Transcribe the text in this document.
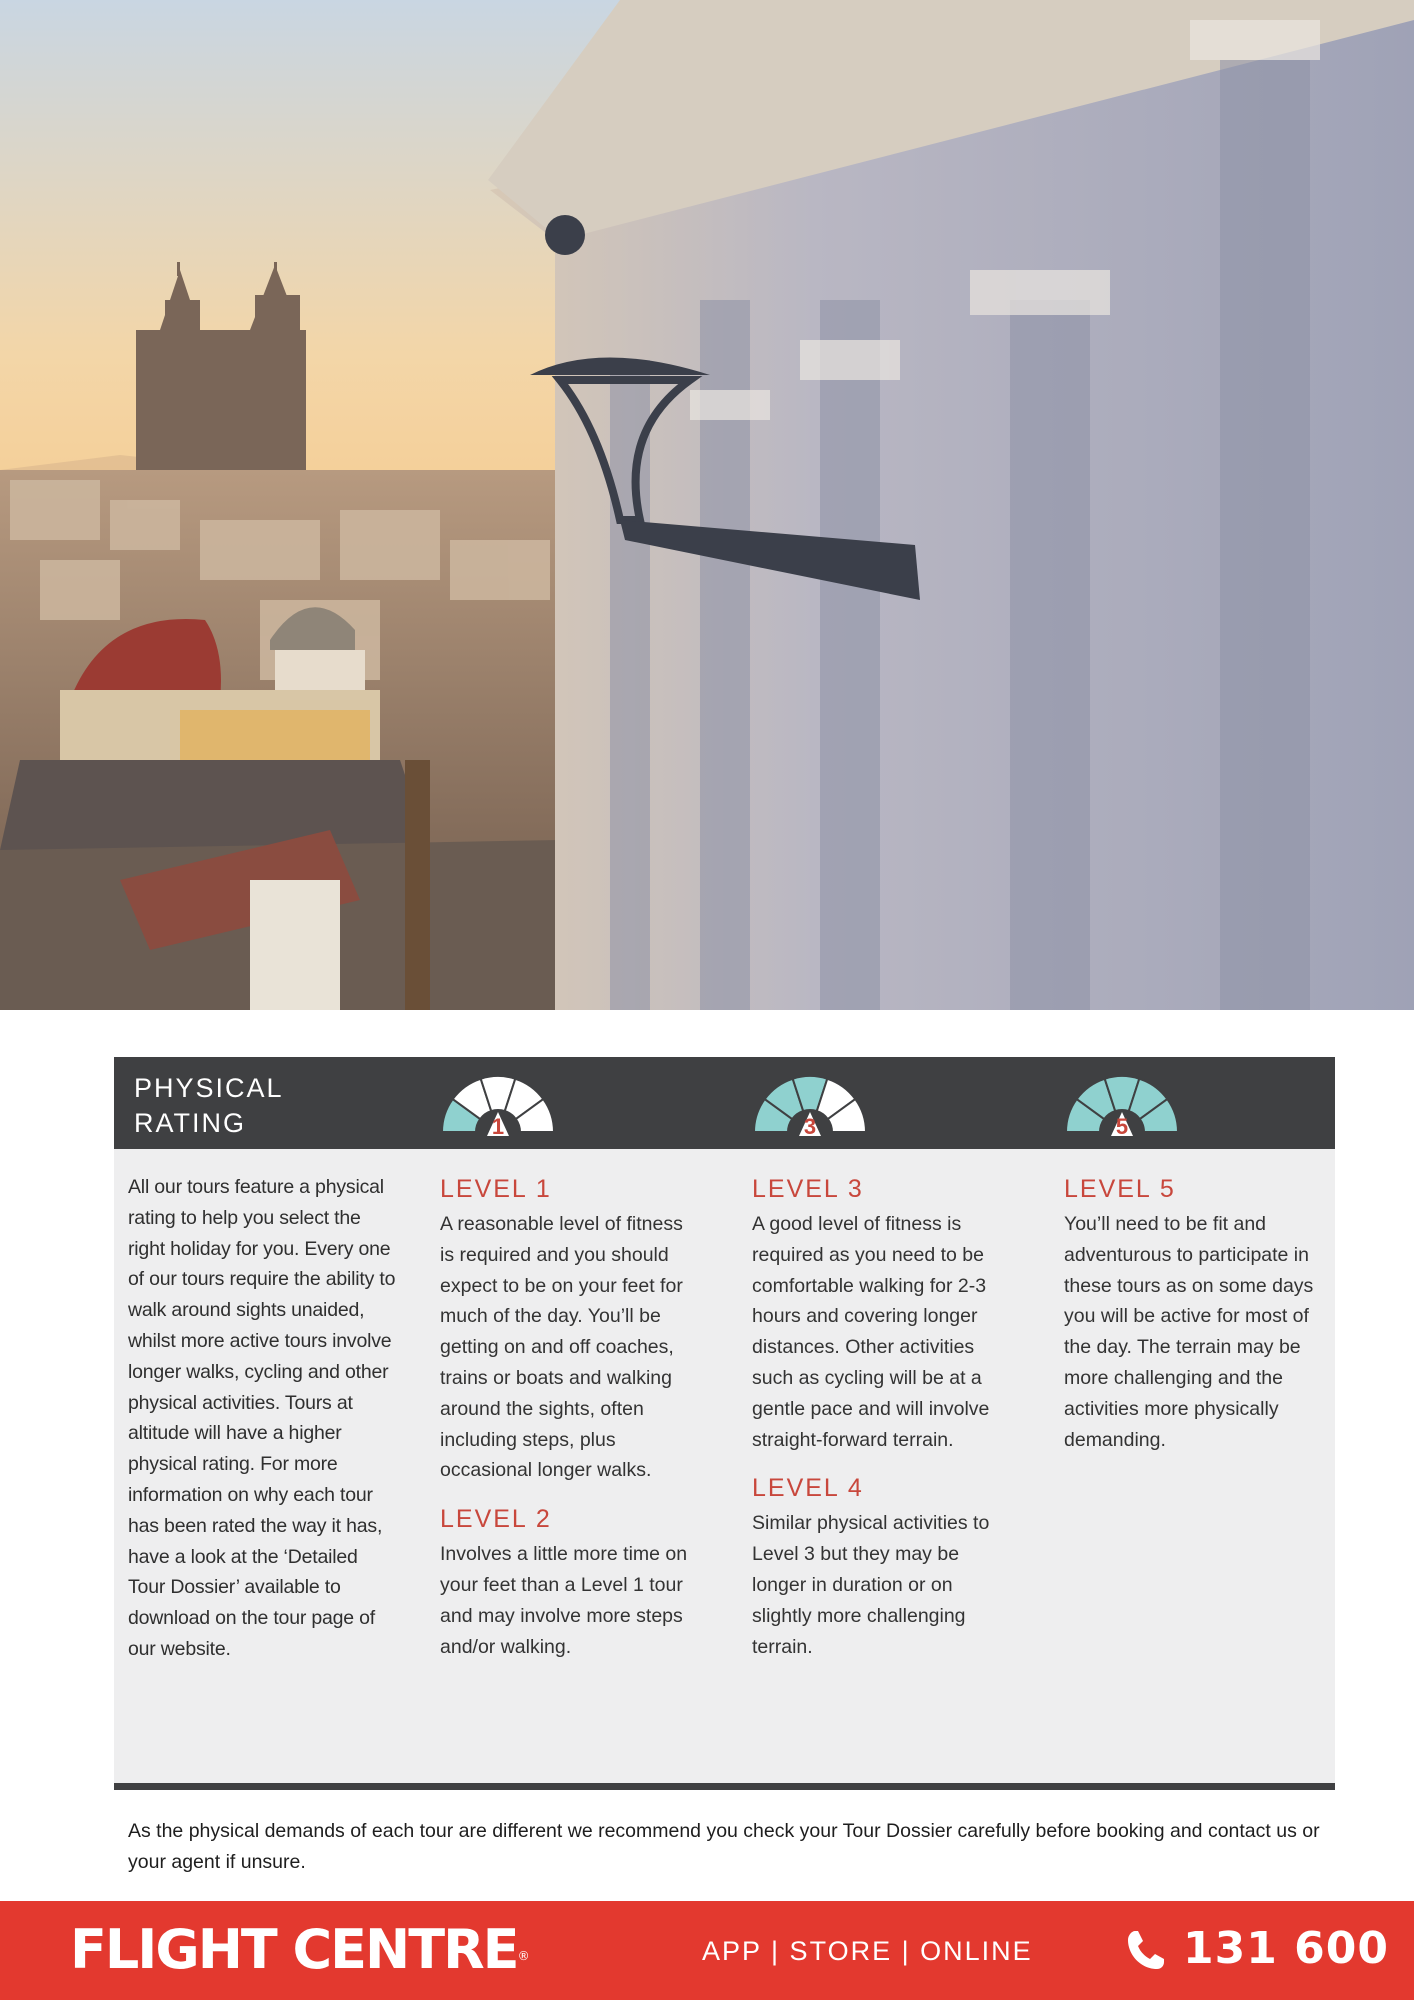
PHYSICAL
RATING	1	3	5
All our tours feature a physical rating to help you select the right holiday for you. Every one of our tours require the ability to walk around sights unaided, whilst more active tours involve longer walks, cycling and other physical activities. Tours at altitude will have a higher physical rating. For more information on why each tour has been rated the way it has, have a look at the ‘Detailed Tour Dossier’ available to download on the tour page of our website.
LEVEL 1
A reasonable level of fitness is required and you should expect to be on your feet for much of the day. You’ll be getting on and off coaches, trains or boats and walking around the sights, often including steps, plus occasional longer walks.
LEVEL 2
Involves a little more time on your feet than a Level 1 tour and may involve more steps and/or walking.
LEVEL 3
A good level of fitness is required as you need to be comfortable walking for 2-3 hours and covering longer distances. Other activities such as cycling will be at a gentle pace and will involve straight-forward terrain.
LEVEL 4
Similar physical activities to Level 3 but they may be longer in duration or on slightly more challenging terrain.
LEVEL 5
You’ll need to be fit and adventurous to participate in these tours as on some days you will be active for most of the day. The terrain may be more challenging and the activities more physically demanding.
As the physical demands of each tour are different we recommend you check your Tour Dossier carefully before booking and contact us or your agent if unsure.
FLIGHT CENTRE®	APP | STORE | ONLINE	131 600
